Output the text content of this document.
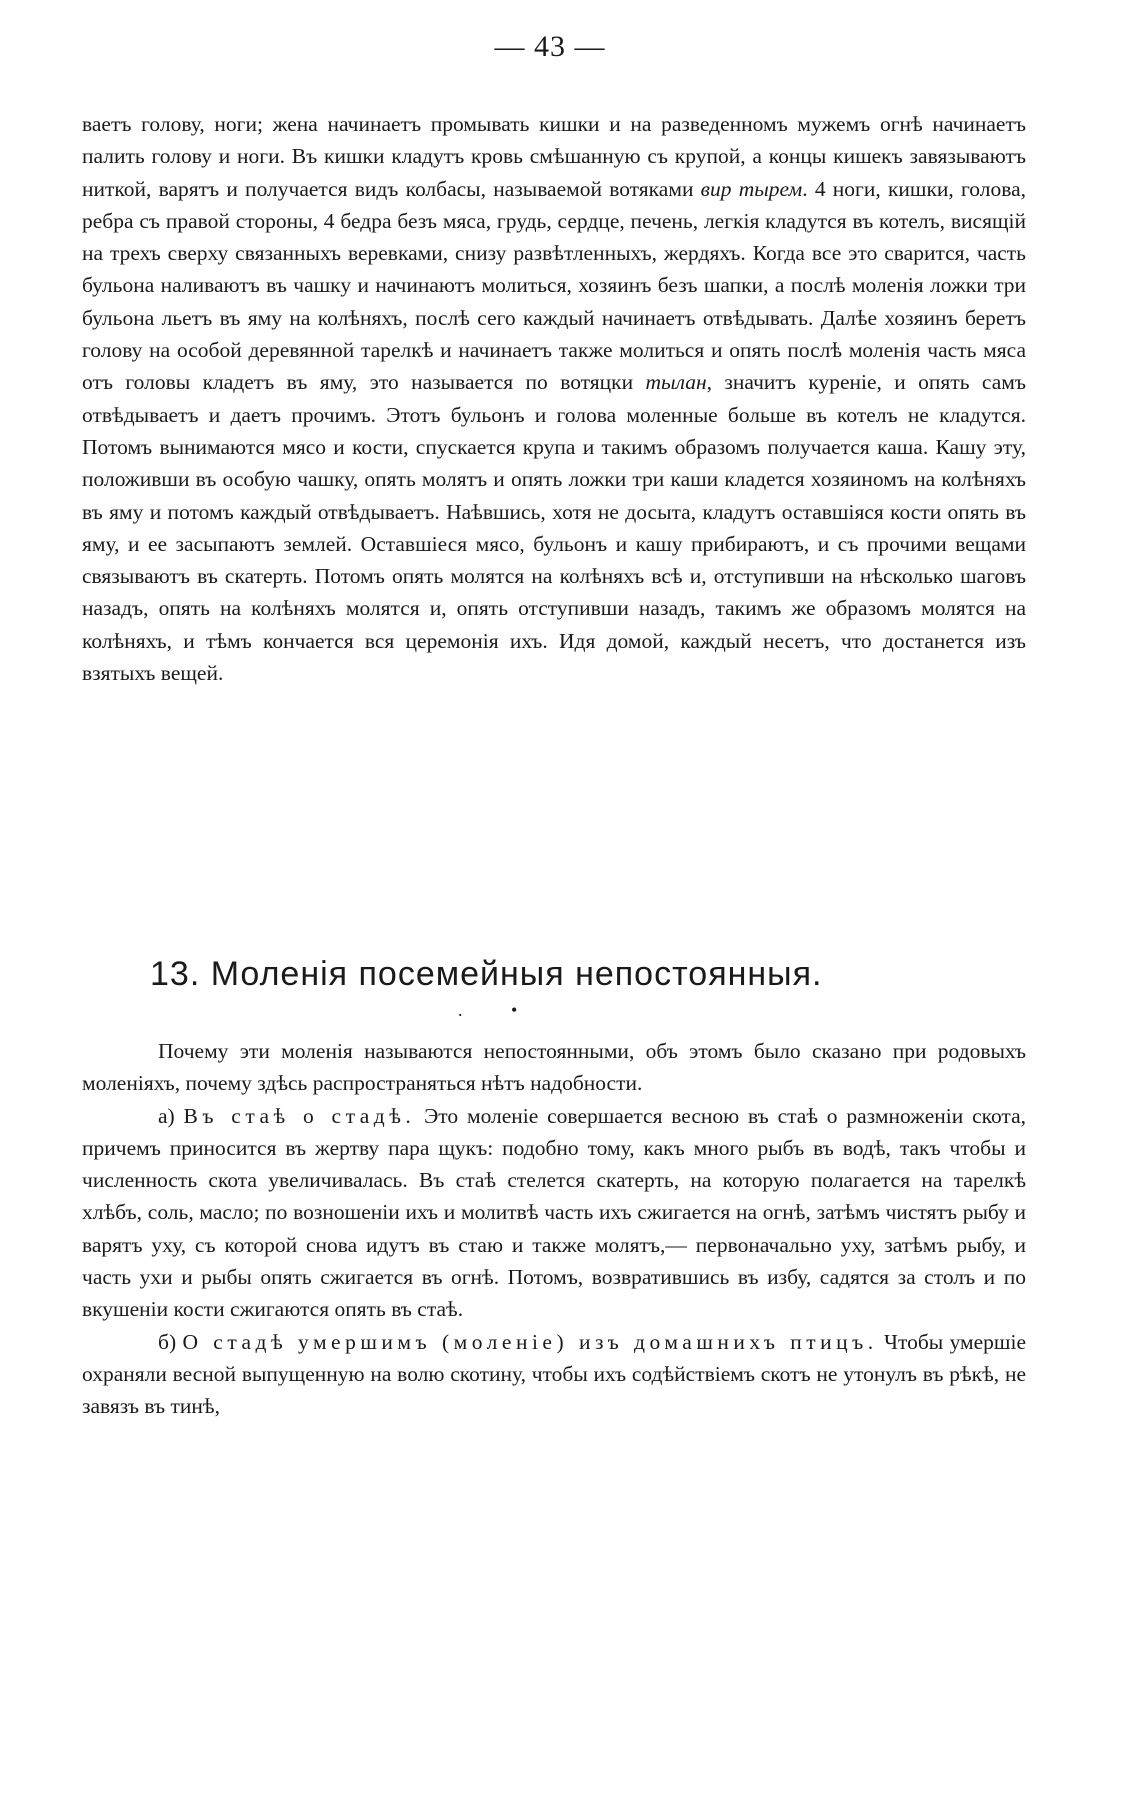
— 43 —

ваетъ голову, ноги; жена начинаетъ промывать кишки и на разведенномъ мужемъ огнѣ начинаетъ палить голову и ноги. Въ кишки кладутъ кровь смѣшанную съ крупой, а концы кишекъ завязываютъ ниткой, варятъ и получается видъ колбасы, называемой вотяками вир тырем. 4 ноги, кишки, голова, ребра съ правой стороны, 4 бедра безъ мяса, грудь, сердце, печень, легкія кладутся въ котелъ, висящій на трехъ сверху связанныхъ веревками, снизу развѣтленныхъ, жердяхъ. Когда все это сварится, часть бульона наливаютъ въ чашку и начинаютъ молиться, хозяинъ безъ шапки, а послѣ моленія ложки три бульона льетъ въ яму на колѣняхъ, послѣ сего каждый начинаетъ отвѣдывать. Далѣе хозяинъ беретъ голову на особой деревянной тарелкѣ и начинаетъ также молиться и опять послѣ моленія часть мяса отъ головы кладетъ въ яму, это называется по вотяцки тылан, значитъ куреніе, и опять самъ отвѣдываетъ и даетъ прочимъ. Этотъ бульонъ и голова моленные больше въ котелъ не кладутся. Потомъ вынимаются мясо и кости, спускается крупа и такимъ образомъ получается каша. Кашу эту, положивши въ особую чашку, опять молятъ и опять ложки три каши кладется хозяиномъ на колѣняхъ въ яму и потомъ каждый отвѣдываетъ. Наѣвшись, хотя не досыта, кладутъ оставшіяся кости опять въ яму, и ее засыпаютъ землей. Оставшіеся мясо, бульонъ и кашу прибираютъ, и съ прочими вещами связываютъ въ скатерть. Потомъ опять молятся на колѣняхъ всѣ и, отступивши на нѣсколько шаговъ назадъ, опять на колѣняхъ молятся и, опять отступивши назадъ, такимъ же образомъ молятся на колѣняхъ, и тѣмъ кончается вся церемонія ихъ. Идя домой, каждый несетъ, что достанется изъ взятыхъ вещей.

13. Моленія посемейныя непостоянныя.
. •

Почему эти моленія называются непостоянными, объ этомъ было сказано при родовыхъ моленіяхъ, почему здѣсь распространяться нѣтъ надобности.

а) Въ стаѣ о стадѣ. Это моленіе совершается весною въ стаѣ о размноженіи скота, причемъ приносится въ жертву пара щукъ: подобно тому, какъ много рыбъ въ водѣ, такъ чтобы и численность скота увеличивалась. Въ стаѣ стелется скатерть, на которую полагается на тарелкѣ хлѣбъ, соль, масло; по возношеніи ихъ и молитвѣ часть ихъ сжигается на огнѣ, затѣмъ чистятъ рыбу и варятъ уху, съ которой снова идутъ въ стаю и также молятъ,— первоначально уху, затѣмъ рыбу, и часть ухи и рыбы опять сжигается въ огнѣ. Потомъ, возвратившись въ избу, садятся за столъ и по вкушеніи кости сжигаются опять въ стаѣ.

б) О стадѣ умершимъ (моленіе) изъ домашнихъ птицъ. Чтобы умершіе охраняли весной выпущенную на волю скотину, чтобы ихъ содѣйствіемъ скотъ не утонулъ въ рѣкѣ, не завязъ въ тинѣ,
